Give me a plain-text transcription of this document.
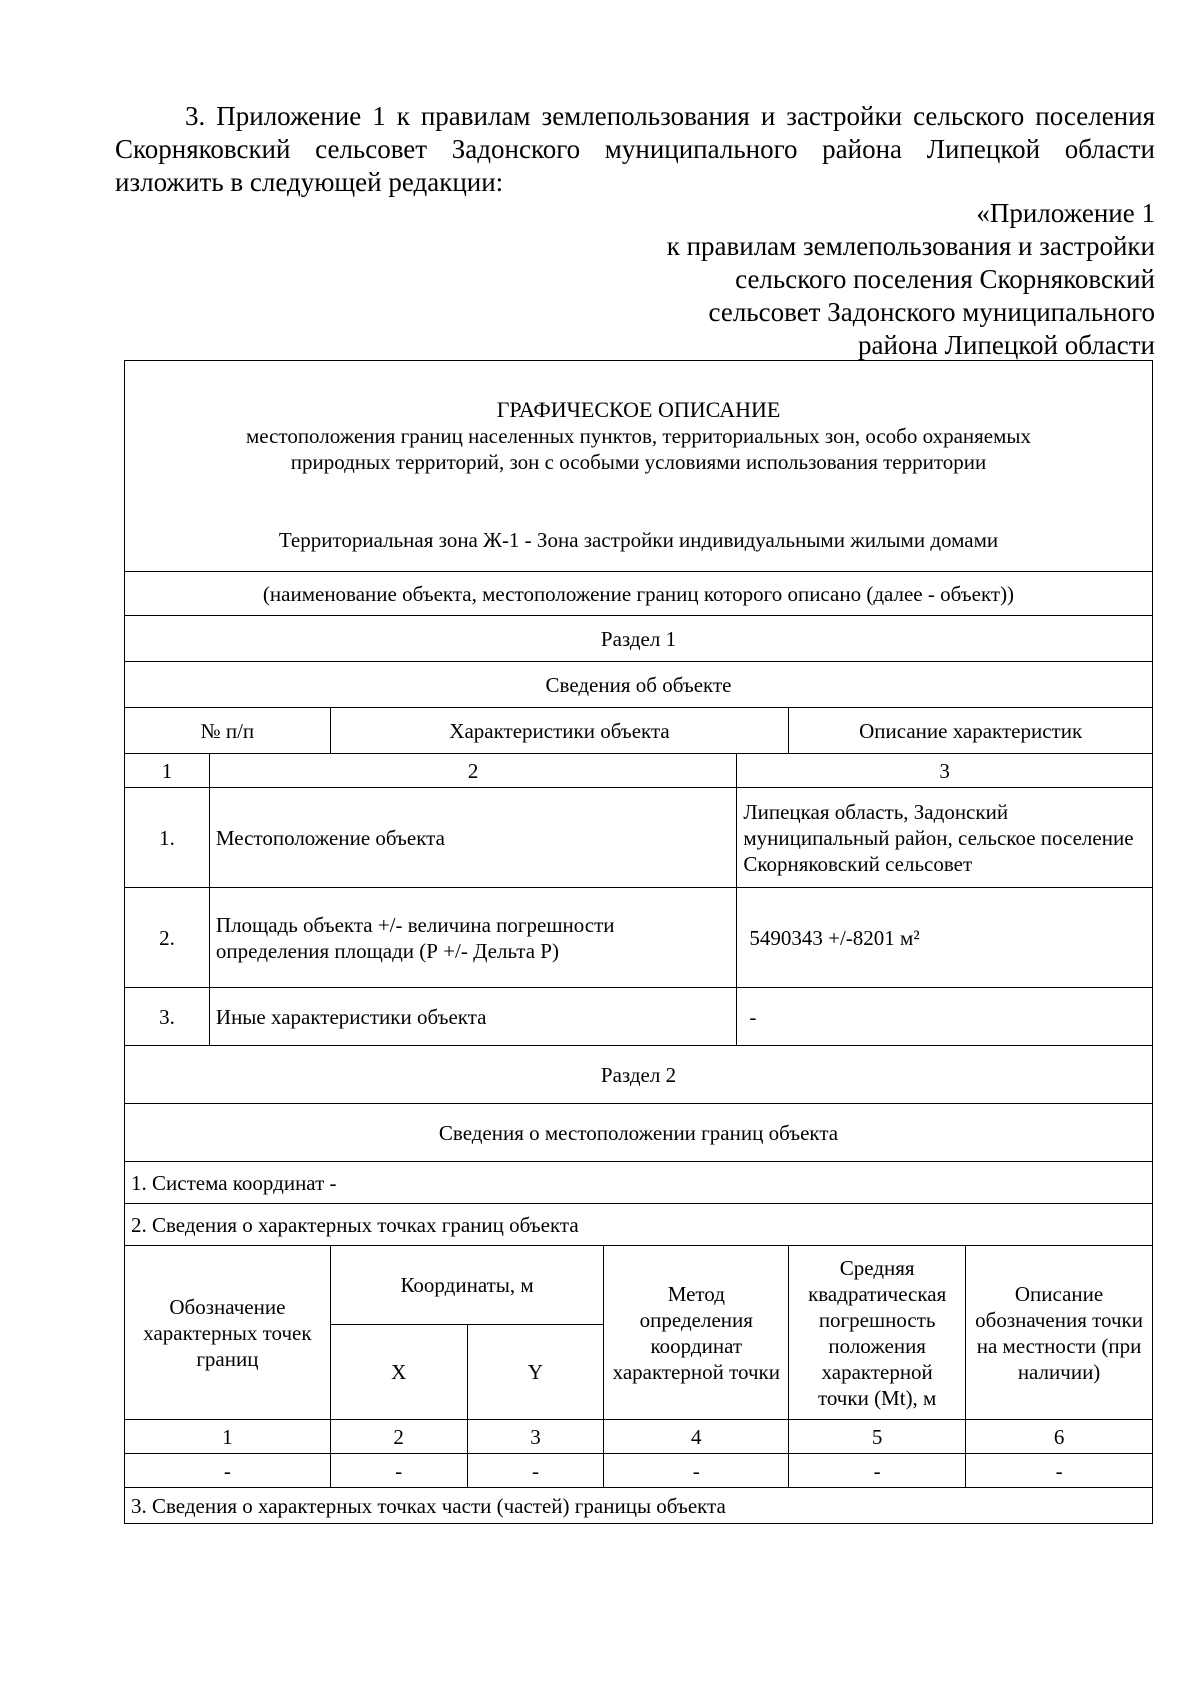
3. Приложение 1 к правилам землепользования и застройки сельского поселения Скорняковский сельсовет Задонского муниципального района Липецкой области изложить в следующей редакции:
«Приложение 1
к правилам землепользования и застройки
сельского поселения Скорняковский
сельсовет Задонского муниципального
района Липецкой области
ГРАФИЧЕСКОЕ ОПИСАНИЕ
местоположения границ населенных пунктов, территориальных зон, особо охраняемых
природных территорий, зон с особыми условиями использования территории
Территориальная зона Ж-1 - Зона застройки индивидуальными жилыми домами

(наименование объекта, местоположение границ которого описано (далее - объект))
Раздел 1
Сведения об объекте
№ п/п	Характеристики объекта	Описание характеристик
1	2	3
1.	Местоположение объекта	Липецкая область, Задонский муниципальный район, сельское поселение Скорняковский сельсовет
2.	Площадь объекта +/- величина погрешности определения площади (Р +/- Дельта Р)	5490343 +/-8201 м²
3.	Иные характеристики объекта	-
Раздел 2					
Сведения о местоположении границ объекта					
1. Система координат -					
2. Сведения о характерных точках границ объекта					
Обозначение характерных точек границ	Координаты, м		Метод определения координат характерной точки	Средняя квадратическая погрешность положения характерной точки (Mt), м	Описание обозначения точки на местности (при наличии)
	X	Y			
1	2	3	4	5	6
-	-	-	-	-	-
3. Сведения о характерных точках части (частей) границы объекта					
